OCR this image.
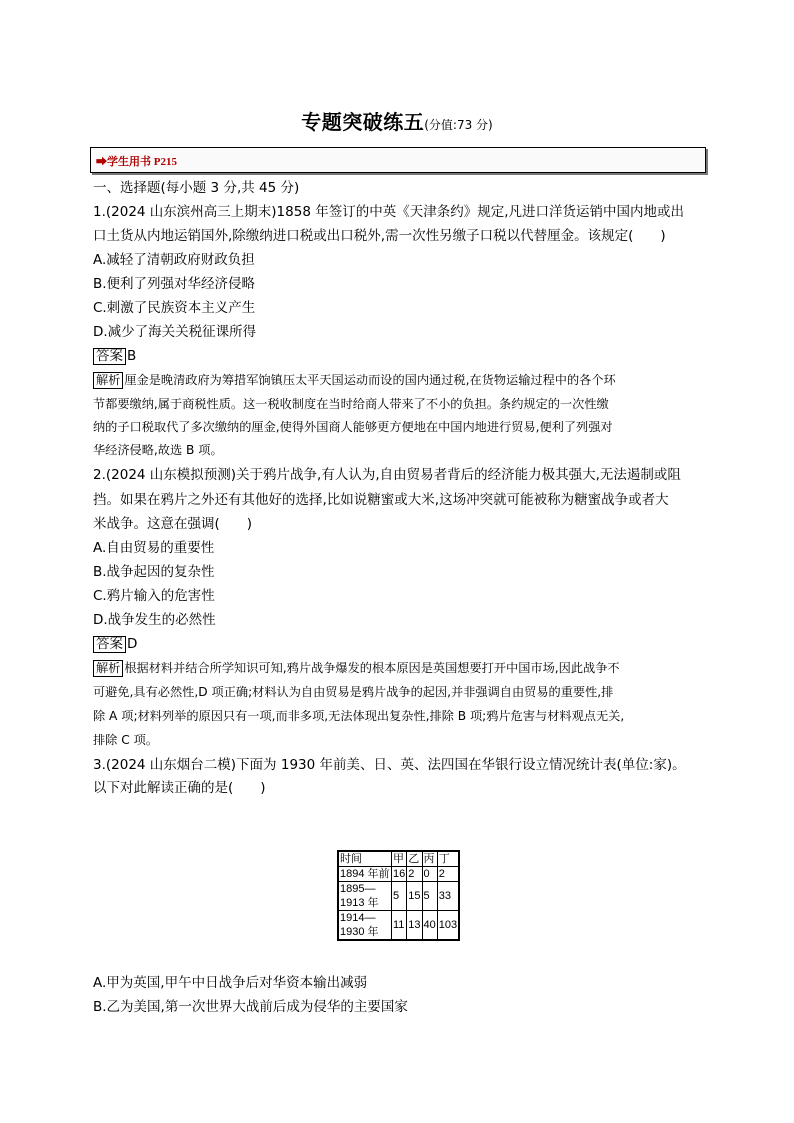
专题突破练五(分值:73 分)
➡学生用书 P215
一、选择题(每小题 3 分,共 45 分)
1.(2024 山东滨州高三上期末)1858 年签订的中英《天津条约》规定,凡进口洋货运销中国内地或出
口土货从内地运销国外,除缴纳进口税或出口税外,需一次性另缴子口税以代替厘金。该规定(　　)
A.减轻了清朝政府财政负担
B.便利了列强对华经济侵略
C.刺激了民族资本主义产生
D.减少了海关关税征课所得
答案 B
解析 厘金是晚清政府为筹措军饷镇压太平天国运动而设的国内通过税,在货物运输过程中的各个环
节都要缴纳,属于商税性质。这一税收制度在当时给商人带来了不小的负担。条约规定的一次性缴
纳的子口税取代了多次缴纳的厘金,使得外国商人能够更方便地在中国内地进行贸易,便利了列强对
华经济侵略,故选 B 项。
2.(2024 山东模拟预测)关于鸦片战争,有人认为,自由贸易者背后的经济能力极其强大,无法遏制或阻
挡。如果在鸦片之外还有其他好的选择,比如说糖蜜或大米,这场冲突就可能被称为糖蜜战争或者大
米战争。这意在强调(　　)
A.自由贸易的重要性
B.战争起因的复杂性
C.鸦片输入的危害性
D.战争发生的必然性
答案 D
解析 根据材料并结合所学知识可知,鸦片战争爆发的根本原因是英国想要打开中国市场,因此战争不
可避免,具有必然性,D 项正确;材料认为自由贸易是鸦片战争的起因,并非强调自由贸易的重要性,排
除 A 项;材料列举的原因只有一项,而非多项,无法体现出复杂性,排除 B 项;鸦片危害与材料观点无关,
排除 C 项。
3.(2024 山东烟台二模)下面为 1930 年前美、日、英、法四国在华银行设立情况统计表(单位:家)。
以下对此解读正确的是(　　)
时间	甲	乙	丙	丁
1894 年前	16	2	0	2
1895—
1913 年	5	15	5	33
1914—
1930 年	11	13	40	103
A.甲为英国,甲午中日战争后对华资本输出减弱
B.乙为美国,第一次世界大战前后成为侵华的主要国家
